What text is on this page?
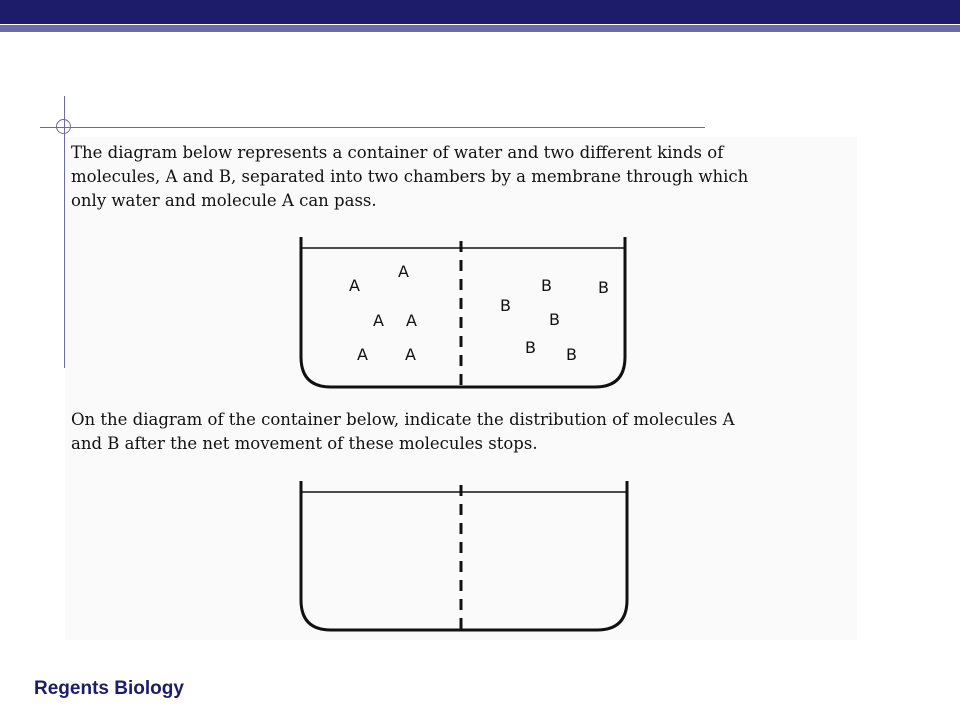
The diagram below represents a container of water and two different kinds of
molecules, A and B, separated into two chambers by a membrane through which
only water and molecule A can pass.

A
A
A A
A A
B	B
B
B
B B

On the diagram of the container below, indicate the distribution of molecules A
and B after the net movement of these molecules stops.

Regents Biology
